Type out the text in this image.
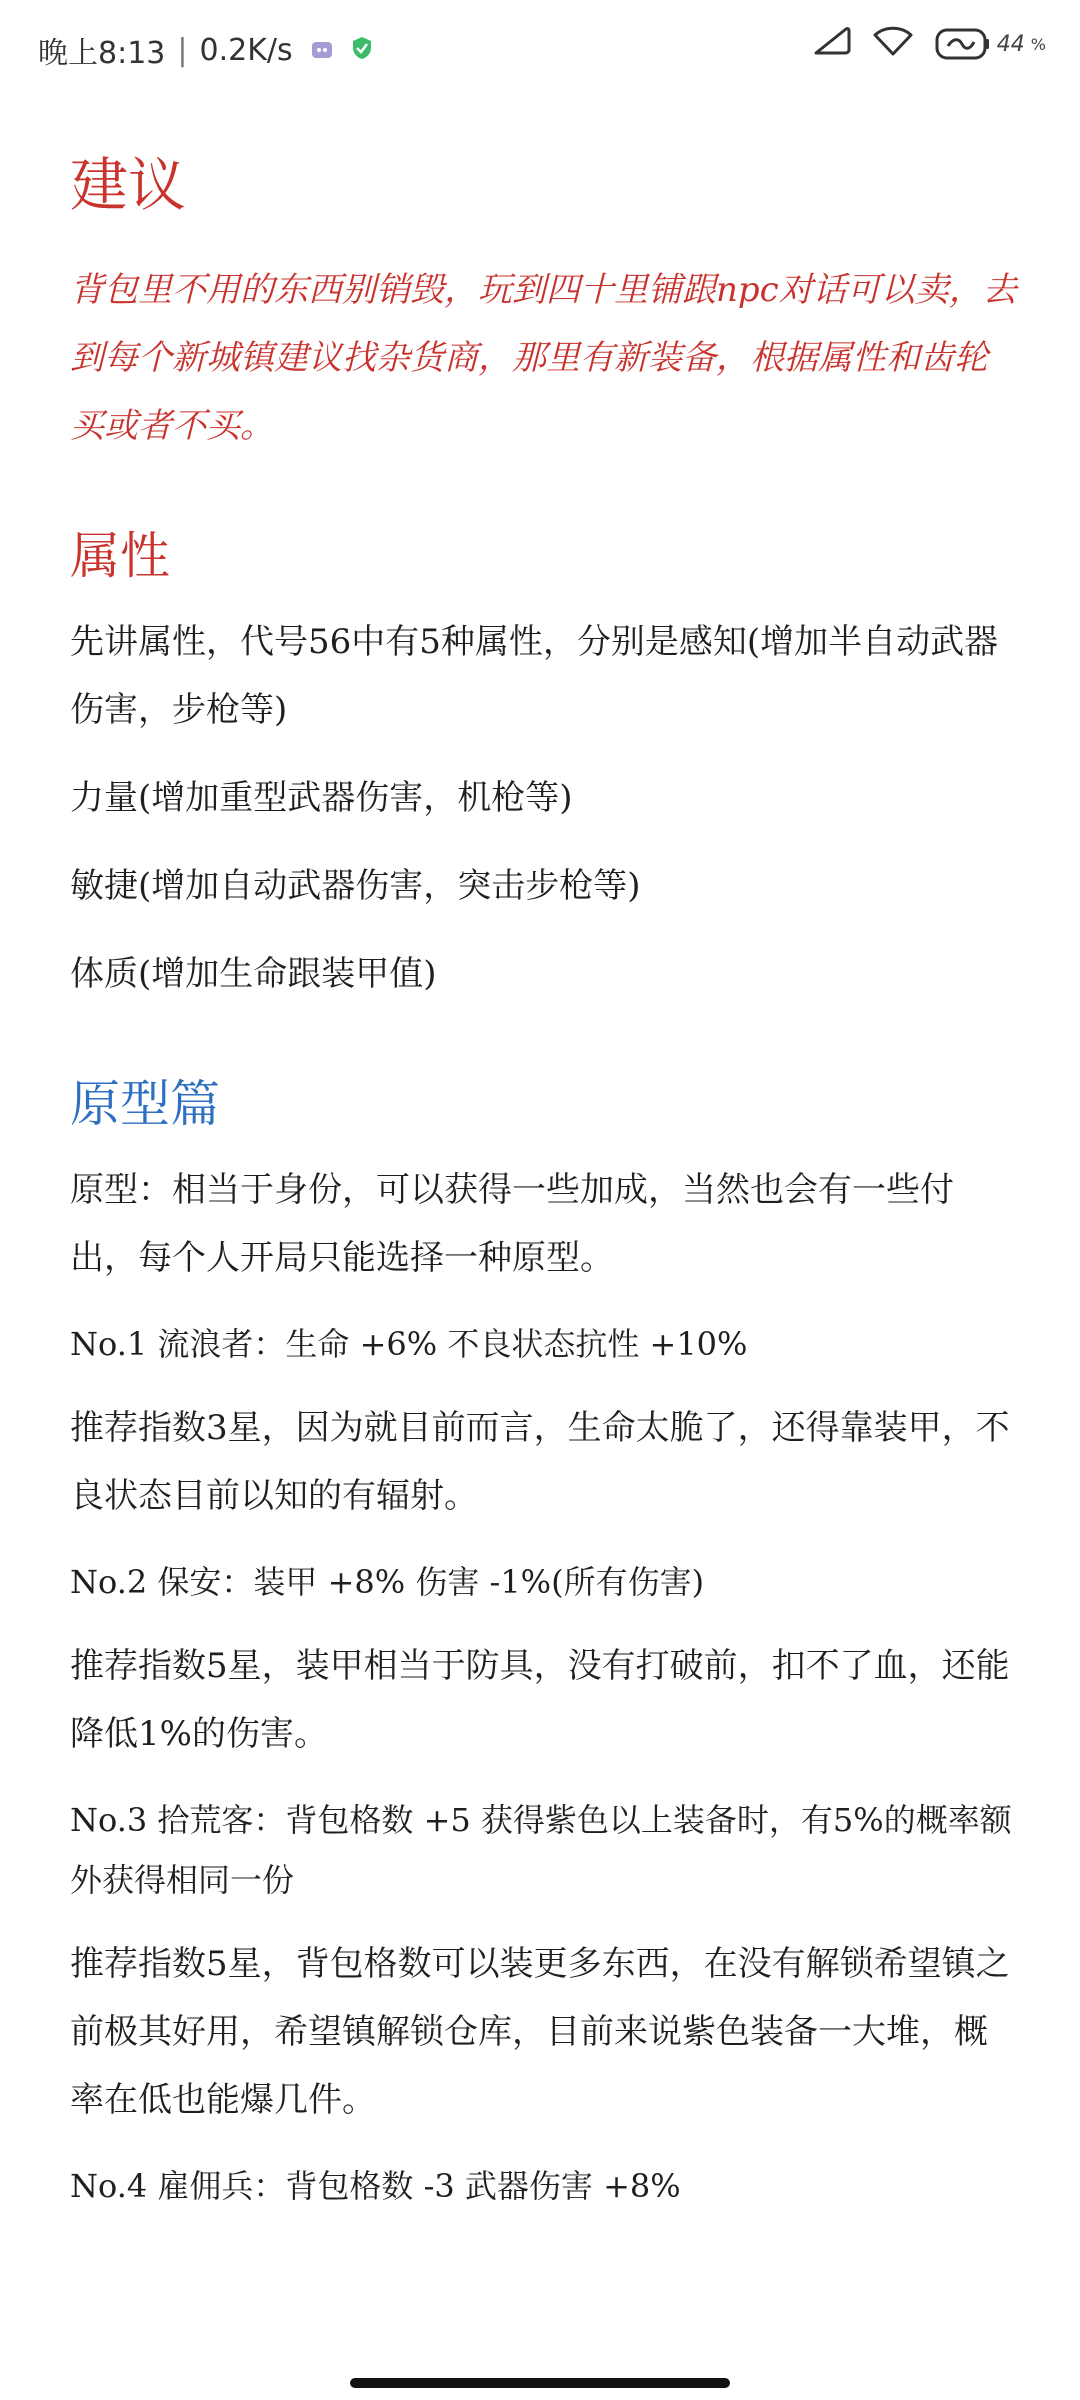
晚上8:13 | 0.2K/s	44 %
建议
背包里不用的东西别销毁，玩到四十里铺跟npc对话可以卖，去到每个新城镇建议找杂货商，那里有新装备，根据属性和齿轮买或者不买。
属性
先讲属性，代号56中有5种属性，分别是感知(增加半自动武器伤害，步枪等)
力量(增加重型武器伤害，机枪等)
敏捷(增加自动武器伤害，突击步枪等)
体质(增加生命跟装甲值)
原型篇
原型：相当于身份，可以获得一些加成，当然也会有一些付出，每个人开局只能选择一种原型。
No.1 流浪者：生命 +6% 不良状态抗性 +10%
推荐指数3星，因为就目前而言，生命太脆了，还得靠装甲，不良状态目前以知的有辐射。
No.2 保安：装甲 +8% 伤害 -1%(所有伤害)
推荐指数5星，装甲相当于防具，没有打破前，扣不了血，还能降低1%的伤害。
No.3 拾荒客：背包格数 +5 获得紫色以上装备时，有5%的概率额外获得相同一份
推荐指数5星，背包格数可以装更多东西，在没有解锁希望镇之前极其好用，希望镇解锁仓库，目前来说紫色装备一大堆，概率在低也能爆几件。
No.4 雇佣兵：背包格数 -3 武器伤害 +8%
